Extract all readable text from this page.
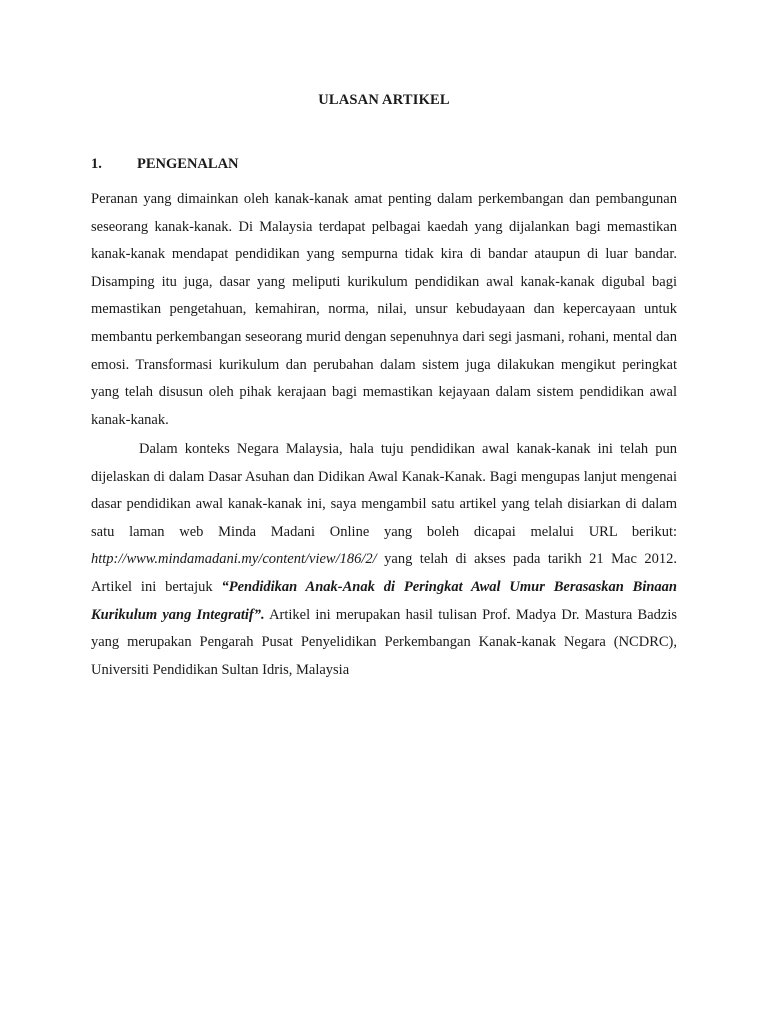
ULASAN ARTIKEL
1. PENGENALAN

Peranan yang dimainkan oleh kanak-kanak amat penting dalam perkembangan dan pembangunan seseorang kanak-kanak. Di Malaysia terdapat pelbagai kaedah yang dijalankan bagi memastikan kanak-kanak mendapat pendidikan yang sempurna tidak kira di bandar ataupun di luar bandar. Disamping itu juga, dasar yang meliputi kurikulum pendidikan awal kanak-kanak digubal bagi memastikan pengetahuan, kemahiran, norma, nilai, unsur kebudayaan dan kepercayaan untuk membantu perkembangan seseorang murid dengan sepenuhnya dari segi jasmani, rohani, mental dan emosi. Transformasi kurikulum dan perubahan dalam sistem juga dilakukan mengikut peringkat yang telah disusun oleh pihak kerajaan bagi memastikan kejayaan dalam sistem pendidikan awal kanak-kanak.

Dalam konteks Negara Malaysia, hala tuju pendidikan awal kanak-kanak ini telah pun dijelaskan di dalam Dasar Asuhan dan Didikan Awal Kanak-Kanak. Bagi mengupas lanjut mengenai dasar pendidikan awal kanak-kanak ini, saya mengambil satu artikel yang telah disiarkan di dalam satu laman web Minda Madani Online yang boleh dicapai melalui URL berikut: http://www.mindamadani.my/content/view/186/2/ yang telah di akses pada tarikh 21 Mac 2012. Artikel ini bertajuk “Pendidikan Anak-Anak di Peringkat Awal Umur Berasaskan Binaan Kurikulum yang Integratif”. Artikel ini merupakan hasil tulisan Prof. Madya Dr. Mastura Badzis yang merupakan Pengarah Pusat Penyelidikan Perkembangan Kanak-kanak Negara (NCDRC), Universiti Pendidikan Sultan Idris, Malaysia
